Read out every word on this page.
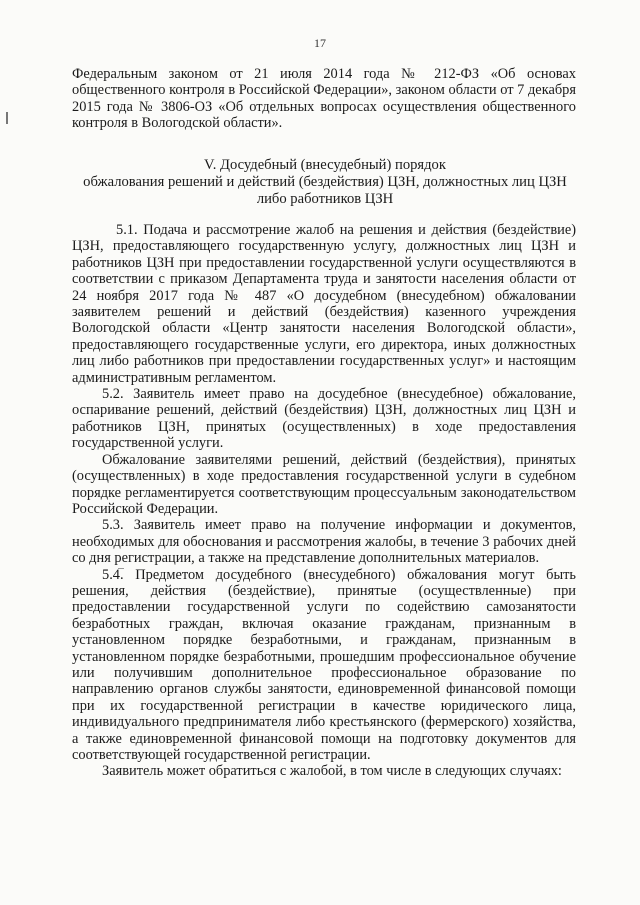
17

Федеральным законом от 21 июля 2014 года № 212-ФЗ «Об основах общественного контроля в Российской Федерации», законом области от 7 декабря 2015 года № 3806-ОЗ «Об отдельных вопросах осуществления общественного контроля в Вологодской области».

V. Досудебный (внесудебный) порядок
обжалования решений и действий (бездействия) ЦЗН, должностных лиц ЦЗН
либо работников ЦЗН

5.1. Подача и рассмотрение жалоб на решения и действия (бездействие) ЦЗН, предоставляющего государственную услугу, должностных лиц ЦЗН и работников ЦЗН при предоставлении государственной услуги осуществляются в соответствии с приказом Департамента труда и занятости населения области от 24 ноября 2017 года № 487 «О досудебном (внесудебном) обжаловании заявителем решений и действий (бездействия) казенного учреждения Вологодской области «Центр занятости населения Вологодской области», предоставляющего государственные услуги, его директора, иных должностных лиц либо работников при предоставлении государственных услуг» и настоящим административным регламентом.

5.2. Заявитель имеет право на досудебное (внесудебное) обжалование, оспаривание решений, действий (бездействия) ЦЗН, должностных лиц ЦЗН и работников ЦЗН, принятых (осуществленных) в ходе предоставления государственной услуги.

Обжалование заявителями решений, действий (бездействия), принятых (осуществленных) в ходе предоставления государственной услуги в судебном порядке регламентируется соответствующим процессуальным законодательством Российской Федерации.

5.3. Заявитель имеет право на получение информации и документов, необходимых для обоснования и рассмотрения жалобы, в течение 3 рабочих дней со дня регистрации, а также на представление дополнительных материалов.

5.4. Предметом досудебного (внесудебного) обжалования могут быть решения, действия (бездействие), принятые (осуществленные) при предоставлении государственной услуги по содействию самозанятости безработных граждан, включая оказание гражданам, признанным в установленном порядке безработными, и гражданам, признанным в установленном порядке безработными, прошедшим профессиональное обучение или получившим дополнительное профессиональное образование по направлению органов службы занятости, единовременной финансовой помощи при их государственной регистрации в качестве юридического лица, индивидуального предпринимателя либо крестьянского (фермерского) хозяйства, а также единовременной финансовой помощи на подготовку документов для соответствующей государственной регистрации.

Заявитель может обратиться с жалобой, в том числе в следующих случаях:
